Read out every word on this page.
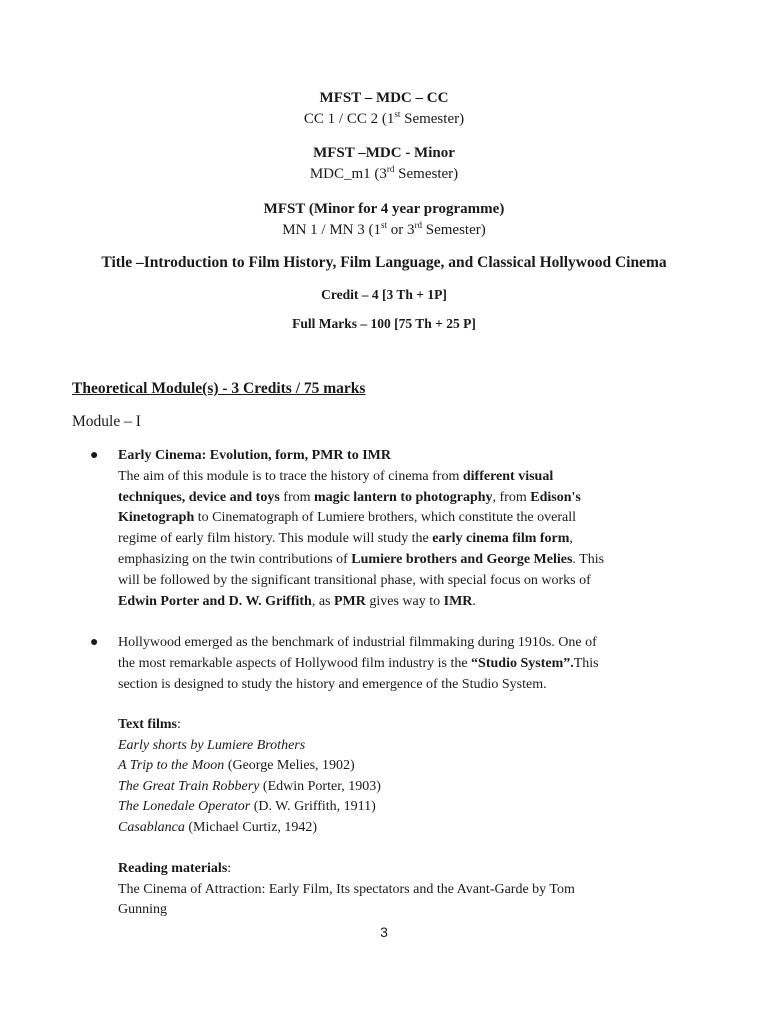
MFST – MDC – CC
CC 1 / CC 2 (1st Semester)
MFST –MDC - Minor
MDC_m1 (3rd Semester)
MFST (Minor for 4 year programme)
MN 1 / MN 3 (1st or 3rd Semester)
Title –Introduction to Film History, Film Language, and Classical Hollywood Cinema
Credit – 4 [3 Th + 1P]
Full Marks – 100 [75 Th + 25 P]
Theoretical Module(s) - 3 Credits / 75 marks
Module – I
● Early Cinema: Evolution, form, PMR to IMR
The aim of this module is to trace the history of cinema from different visual
techniques, device and toys from magic lantern to photography, from Edison's
Kinetograph to Cinematograph of Lumiere brothers, which constitute the overall
regime of early film history. This module will study the early cinema film form,
emphasizing on the twin contributions of Lumiere brothers and George Melies. This
will be followed by the significant transitional phase, with special focus on works of
Edwin Porter and D. W. Griffith, as PMR gives way to IMR.
● Hollywood emerged as the benchmark of industrial filmmaking during 1910s. One of
the most remarkable aspects of Hollywood film industry is the “Studio System”.This
section is designed to study the history and emergence of the Studio System.
Text films:
Early shorts by Lumiere Brothers
A Trip to the Moon (George Melies, 1902)
The Great Train Robbery (Edwin Porter, 1903)
The Lonedale Operator (D. W. Griffith, 1911)
Casablanca (Michael Curtiz, 1942)
Reading materials:
The Cinema of Attraction: Early Film, Its spectators and the Avant-Garde by Tom
Gunning
3
